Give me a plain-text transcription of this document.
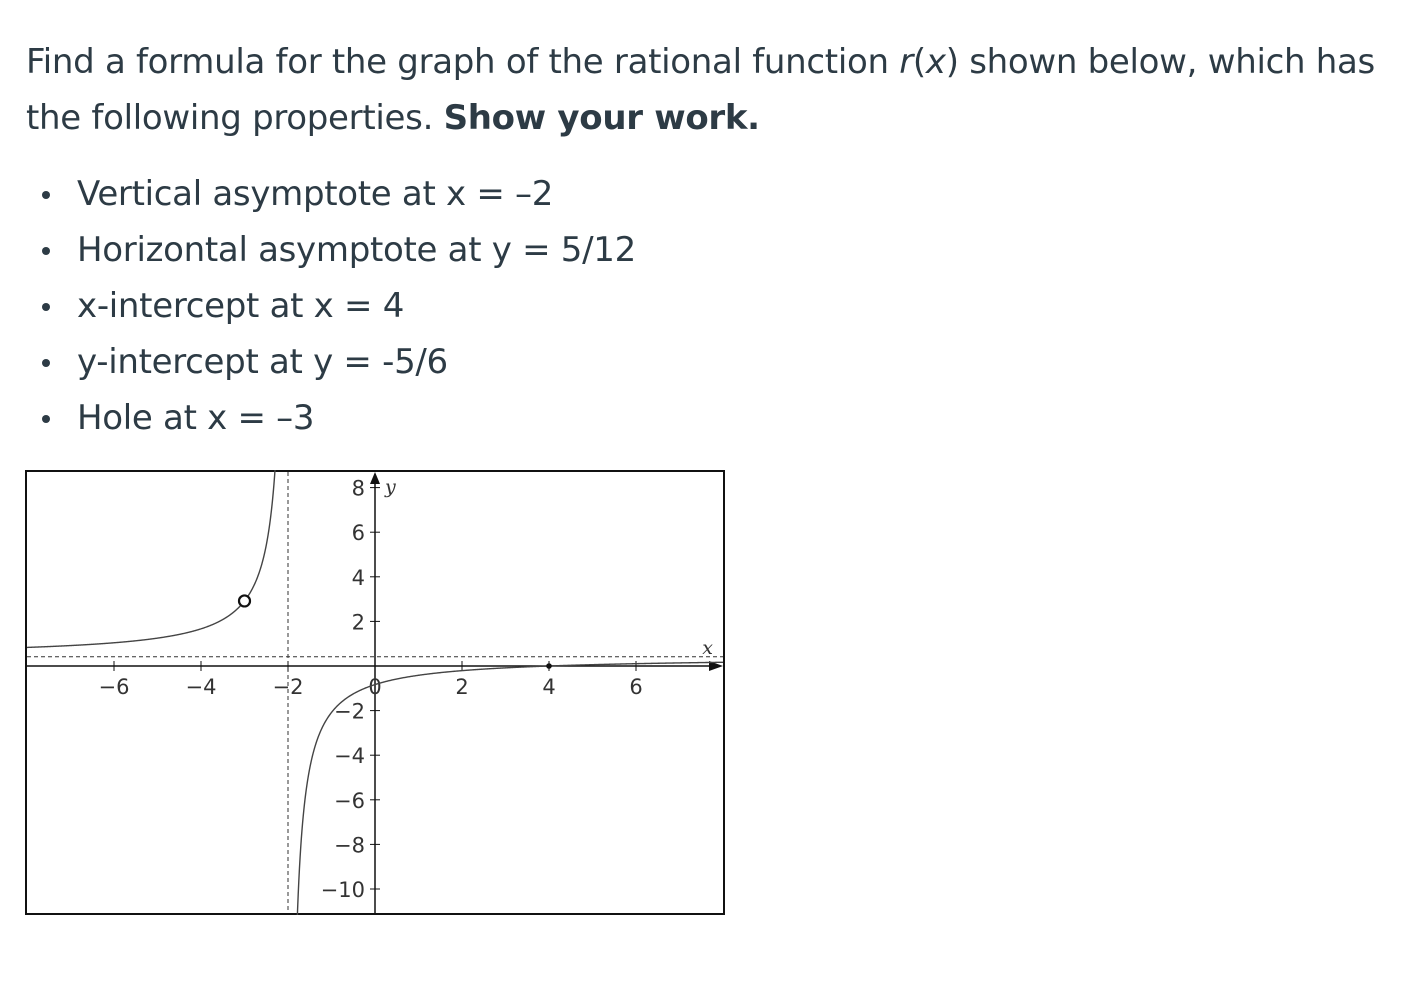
Find a formula for the graph of the rational function r(x) shown below, which has the following properties. Show your work.
Vertical asymptote at x = –2
Horizontal asymptote at y = 5/12
x-intercept at x = 4
y-intercept at y = -5/6
Hole at x = –3
−6	−4	−2	0	2	4	6
−10
−8
−6
−4
−2
2
4
6
8
x
y
